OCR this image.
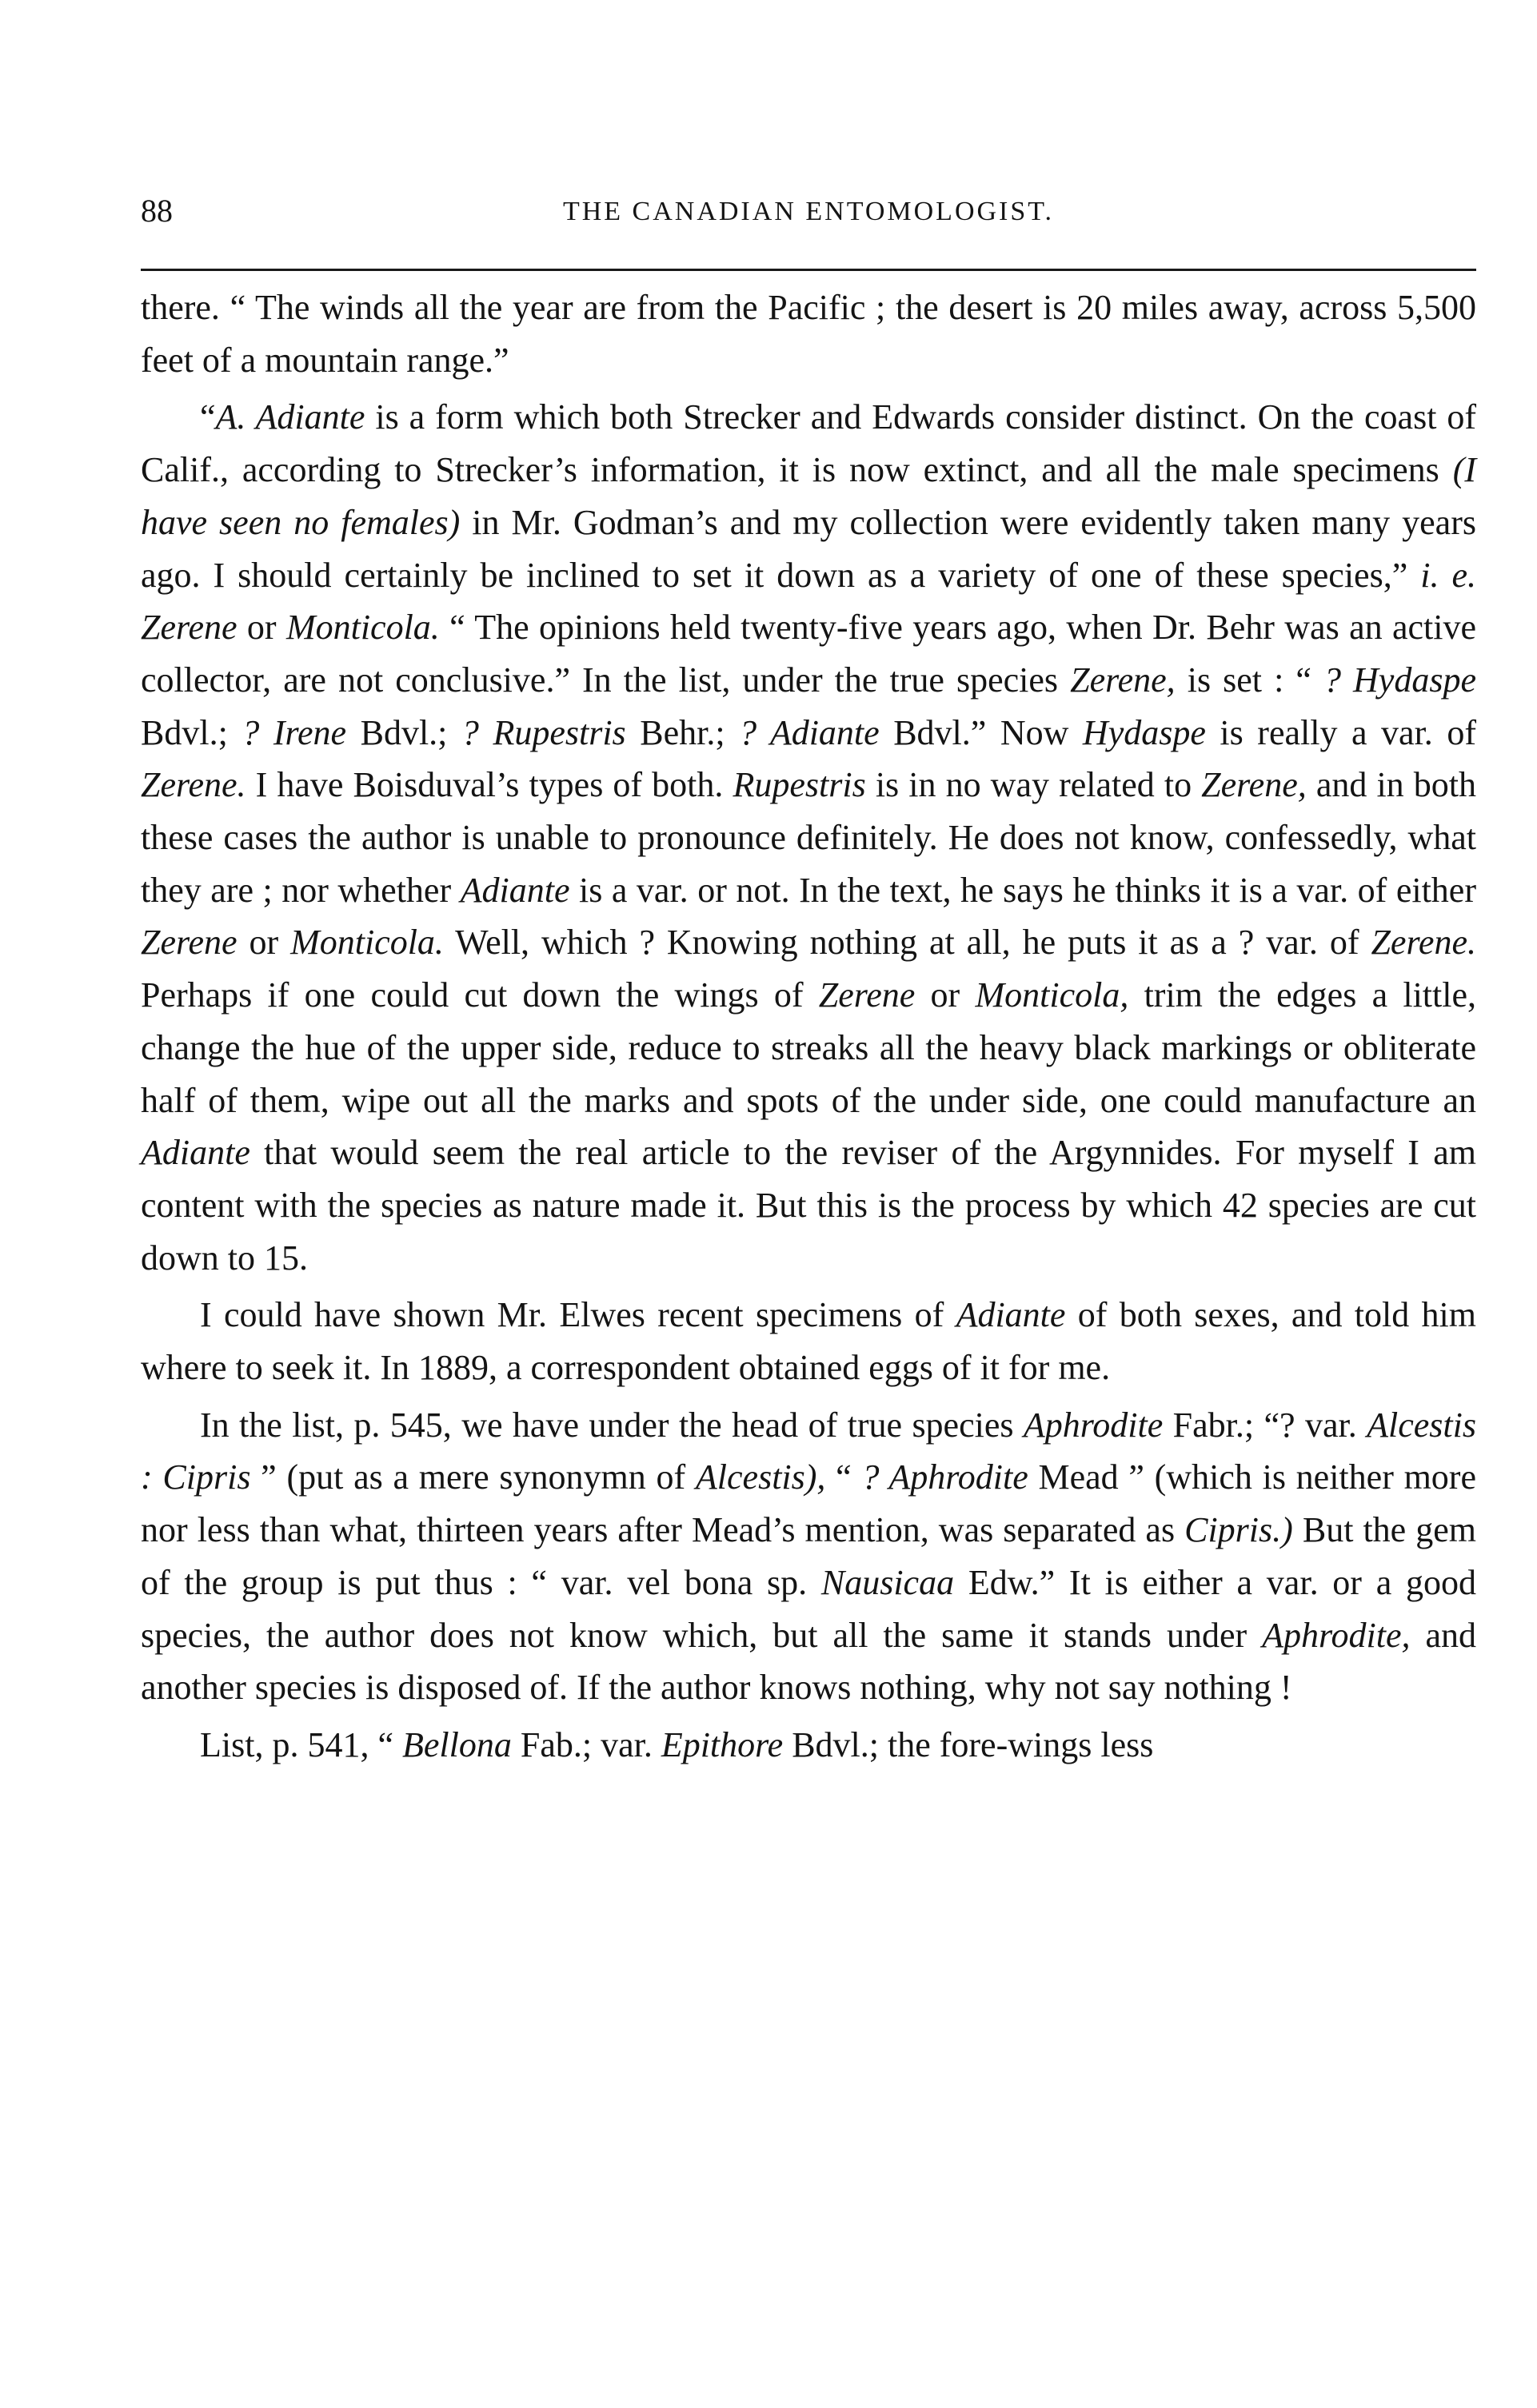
88	THE CANADIAN ENTOMOLOGIST.

there. “ The winds all the year are from the Pacific ; the desert is 20 miles away, across 5,500 feet of a mountain range.”

“A. Adiante is a form which both Strecker and Edwards consider distinct. On the coast of Calif., according to Strecker’s information, it is now extinct, and all the male specimens (I have seen no females) in Mr. Godman’s and my collection were evidently taken many years ago. I should certainly be inclined to set it down as a variety of one of these species,” i. e. Zerene or Monticola. “ The opinions held twenty-five years ago, when Dr. Behr was an active collector, are not conclusive.” In the list, under the true species Zerene, is set : “ ? Hydaspe Bdvl.; ? Irene Bdvl.; ? Rupestris Behr.; ? Adiante Bdvl.” Now Hydaspe is really a var. of Zerene. I have Boisduval’s types of both. Rupestris is in no way related to Zerene, and in both these cases the author is unable to pronounce definitely. He does not know, confessedly, what they are ; nor whether Adiante is a var. or not. In the text, he says he thinks it is a var. of either Zerene or Monticola. Well, which ? Knowing nothing at all, he puts it as a ? var. of Zerene. Perhaps if one could cut down the wings of Zerene or Monticola, trim the edges a little, change the hue of the upper side, reduce to streaks all the heavy black markings or obliterate half of them, wipe out all the marks and spots of the under side, one could manufacture an Adiante that would seem the real article to the reviser of the Argynnides. For myself I am content with the species as nature made it. But this is the process by which 42 species are cut down to 15.

I could have shown Mr. Elwes recent specimens of Adiante of both sexes, and told him where to seek it. In 1889, a correspondent obtained eggs of it for me.

In the list, p. 545, we have under the head of true species Aphrodite Fabr.; “? var. Alcestis : Cipris ” (put as a mere synonymn of Alcestis), “ ? Aphrodite Mead ” (which is neither more nor less than what, thirteen years after Mead’s mention, was separated as Cipris.) But the gem of the group is put thus : “ var. vel bona sp. Nausicaa Edw.” It is either a var. or a good species, the author does not know which, but all the same it stands under Aphrodite, and another species is disposed of. If the author knows nothing, why not say nothing !

List, p. 541, “ Bellona Fab.; var. Epithore Bdvl.; the fore-wings less
